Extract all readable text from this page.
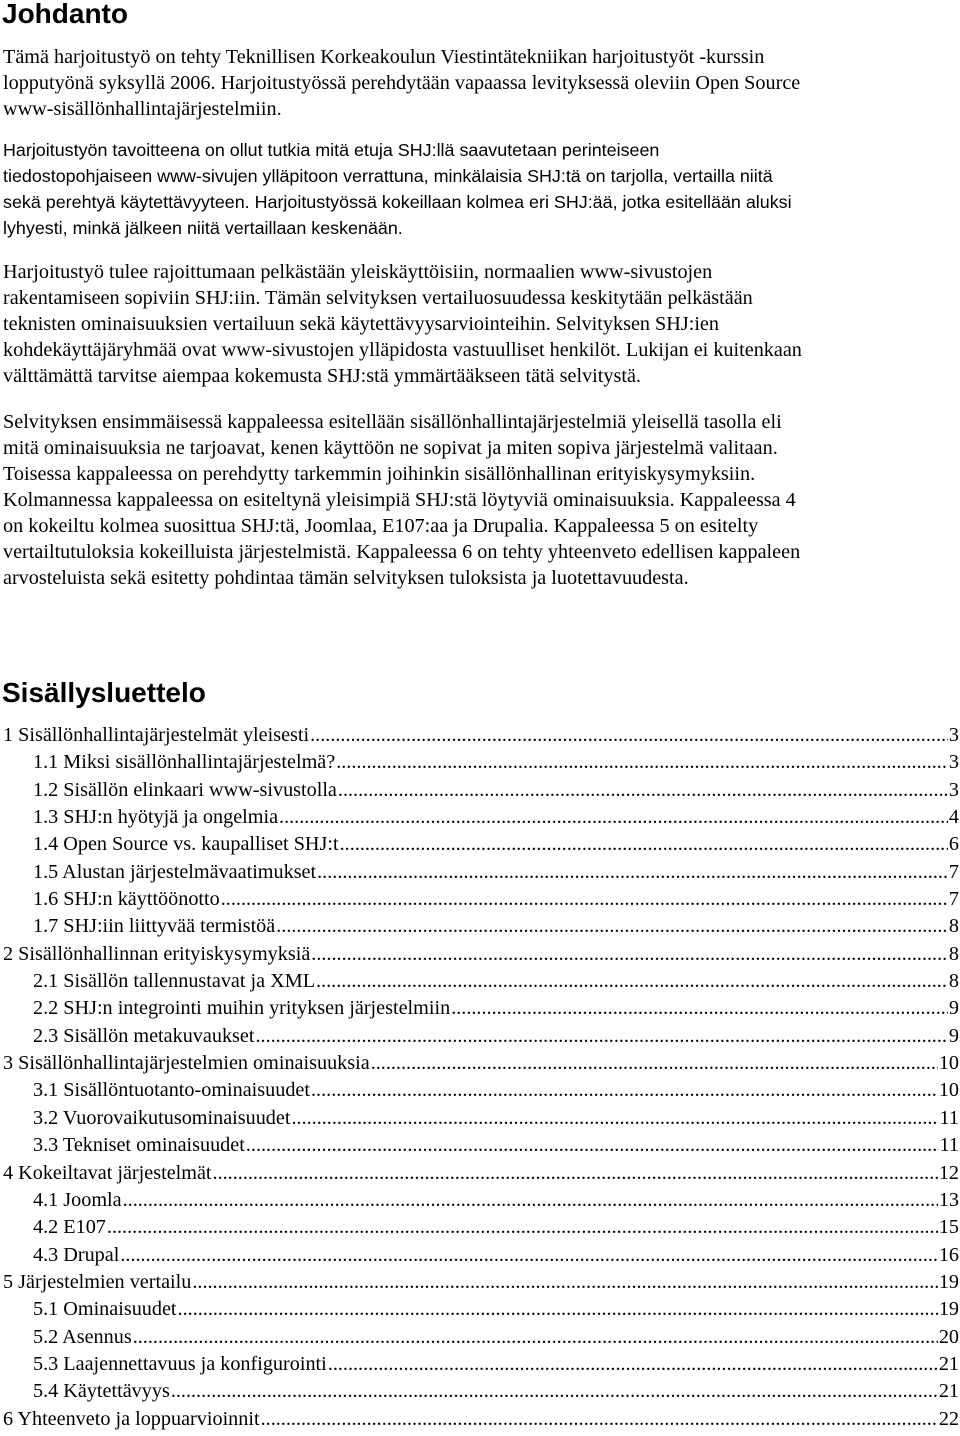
Johdanto

Tämä harjoitustyö on tehty Teknillisen Korkeakoulun Viestintätekniikan harjoitustyöt -kurssin
lopputyönä syksyllä 2006. Harjoitustyössä perehdytään vapaassa levityksessä oleviin Open Source
www-sisällönhallintajärjestelmiin.

Harjoitustyön tavoitteena on ollut tutkia mitä etuja SHJ:llä saavutetaan perinteiseen
tiedostopohjaiseen www-sivujen ylläpitoon verrattuna, minkälaisia SHJ:tä on tarjolla, vertailla niitä
sekä perehtyä käytettävyyteen. Harjoitustyössä kokeillaan kolmea eri SHJ:ää, jotka esitellään aluksi
lyhyesti, minkä jälkeen niitä vertaillaan keskenään.

Harjoitustyö tulee rajoittumaan pelkästään yleiskäyttöisiin, normaalien www-sivustojen
rakentamiseen sopiviin SHJ:iin. Tämän selvityksen vertailuosuudessa keskitytään pelkästään
teknisten ominaisuuksien vertailuun sekä käytettävyysarviointeihin. Selvityksen SHJ:ien
kohdekäyttäjäryhmää ovat www-sivustojen ylläpidosta vastuulliset henkilöt. Lukijan ei kuitenkaan
välttämättä tarvitse aiempaa kokemusta SHJ:stä ymmärtääkseen tätä selvitystä.

Selvityksen ensimmäisessä kappaleessa esitellään sisällönhallintajärjestelmiä yleisellä tasolla eli
mitä ominaisuuksia ne tarjoavat, kenen käyttöön ne sopivat ja miten sopiva järjestelmä valitaan.
Toisessa kappaleessa on perehdytty tarkemmin joihinkin sisällönhallinan erityiskysymyksiin.
Kolmannessa kappaleessa on esiteltynä yleisimpiä SHJ:stä löytyviä ominaisuuksia. Kappaleessa 4
on kokeiltu kolmea suosittua SHJ:tä, Joomlaa, E107:aa ja Drupalia. Kappaleessa 5 on esitelty
vertailtutuloksia kokeilluista järjestelmistä. Kappaleessa 6 on tehty yhteenveto edellisen kappaleen
arvosteluista sekä esitetty pohdintaa tämän selvityksen tuloksista ja luotettavuudesta.

Sisällysluettelo
1 Sisällönhallintajärjestelmät yleisesti .....	3
1.1 Miksi sisällönhallintajärjestelmä? .....	3
1.2 Sisällön elinkaari www-sivustolla .....	3
1.3 SHJ:n hyötyjä ja ongelmia .....	4
1.4 Open Source vs. kaupalliset SHJ:t .....	6
1.5 Alustan järjestelmävaatimukset .....	7
1.6 SHJ:n käyttöönotto .....	7
1.7 SHJ:iin liittyvää termistöä .....	8
2 Sisällönhallinnan erityiskysymyksiä .....	8
2.1 Sisällön tallennustavat ja XML .....	8
2.2 SHJ:n integrointi muihin yrityksen järjestelmiin .....	9
2.3 Sisällön metakuvaukset .....	9
3 Sisällönhallintajärjestelmien ominaisuuksia .....	10
3.1 Sisällöntuotanto-ominaisuudet .....	10
3.2 Vuorovaikutusominaisuudet .....	11
3.3 Tekniset ominaisuudet .....	11
4 Kokeiltavat järjestelmät .....	12
4.1 Joomla .....	13
4.2 E107 .....	15
4.3 Drupal .....	16
5 Järjestelmien vertailu .....	19
5.1 Ominaisuudet .....	19
5.2 Asennus .....	20
5.3 Laajennettavuus ja konfigurointi .....	21
5.4 Käytettävyys .....	21
6 Yhteenveto ja loppuarvioinnit .....	22
